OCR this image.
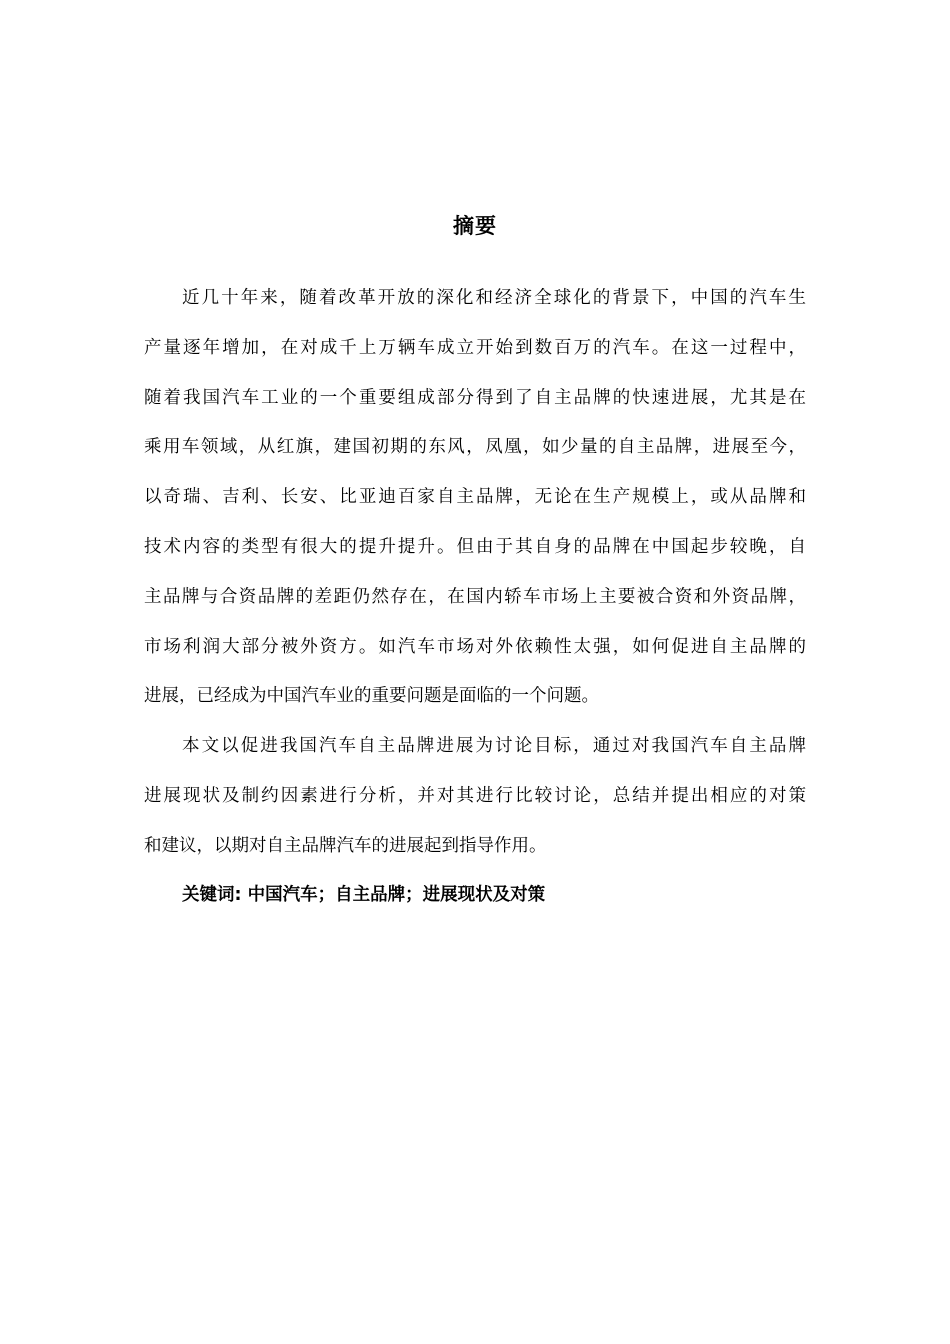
摘要
近几十年来，随着改革开放的深化和经济全球化的背景下，中国的汽车生
产量逐年增加，在对成千上万辆车成立开始到数百万的汽车。在这一过程中，
随着我国汽车工业的一个重要组成部分得到了自主品牌的快速进展，尤其是在
乘用车领域，从红旗，建国初期的东风，凤凰，如少量的自主品牌，进展至今，
以奇瑞、吉利、长安、比亚迪百家自主品牌，无论在生产规模上，或从品牌和
技术内容的类型有很大的提升提升。但由于其自身的品牌在中国起步较晚，自
主品牌与合资品牌的差距仍然存在，在国内轿车市场上主要被合资和外资品牌，
市场利润大部分被外资方。如汽车市场对外依赖性太强，如何促进自主品牌的
进展，已经成为中国汽车业的重要问题是面临的一个问题。
本文以促进我国汽车自主品牌进展为讨论目标，通过对我国汽车自主品牌
进展现状及制约因素进行分析，并对其进行比较讨论，总结并提出相应的对策
和建议，以期对自主品牌汽车的进展起到指导作用。
关键词: 中国汽车；自主品牌；进展现状及对策
